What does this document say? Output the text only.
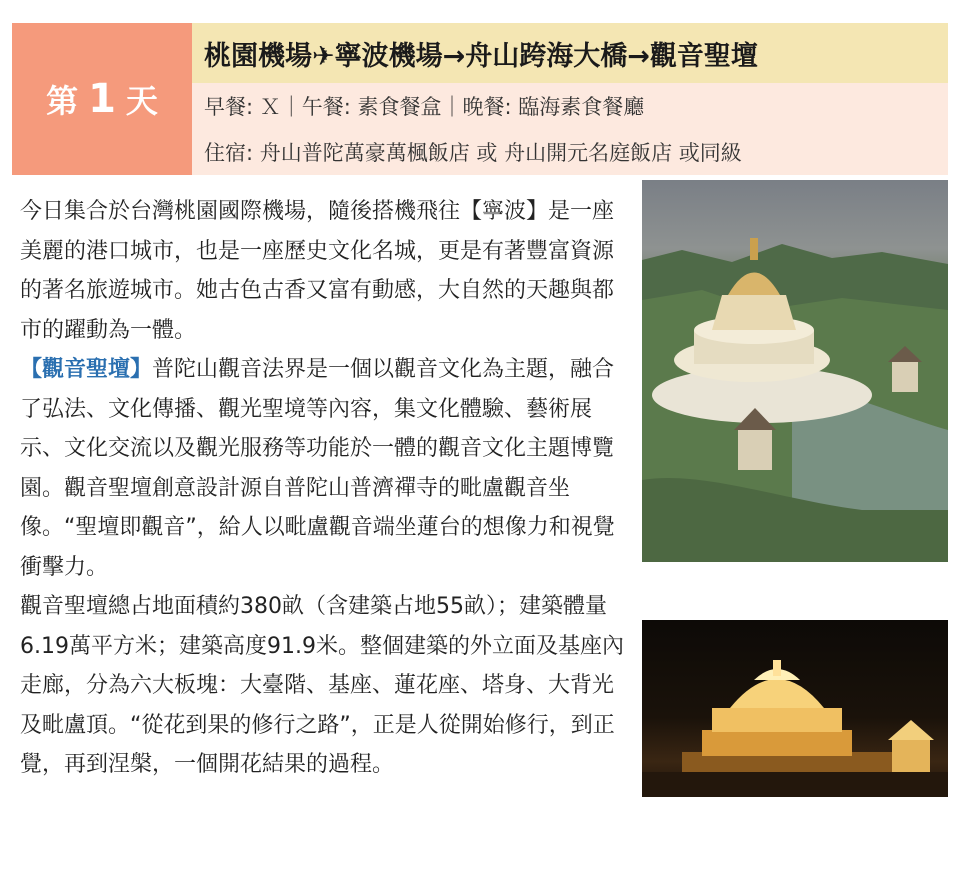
第 1 天
桃園機場✈寧波機場→舟山跨海大橋→觀音聖壇
早餐: Ｘ｜午餐: 素食餐盒｜晚餐: 臨海素食餐廳
住宿: 舟山普陀萬豪萬楓飯店 或 舟山開元名庭飯店 或同級

今日集合於台灣桃園國際機場，隨後搭機飛往【寧波】是一座美麗的港口城市，也是一座歷史文化名城，更是有著豐富資源的著名旅遊城市。她古色古香又富有動感，大自然的天趣與都市的躍動為一體。

【觀音聖壇】普陀山觀音法界是一個以觀音文化為主題，融合了弘法、文化傳播、觀光聖境等內容，集文化體驗、藝術展示、文化交流以及觀光服務等功能於一體的觀音文化主題博覽園。觀音聖壇創意設計源自普陀山普濟禪寺的毗盧觀音坐像。“聖壇即觀音”，給人以毗盧觀音端坐蓮台的想像力和視覺衝擊力。

觀音聖壇總占地面積約380畝（含建築占地55畝）；建築體量6.19萬平方米；建築高度91.9米。整個建築的外立面及基座內走廊，分為六大板塊：大臺階、基座、蓮花座、塔身、大背光及毗盧頂。“從花到果的修行之路”，正是人從開始修行，到正覺，再到涅槃，一個開花結果的過程。
